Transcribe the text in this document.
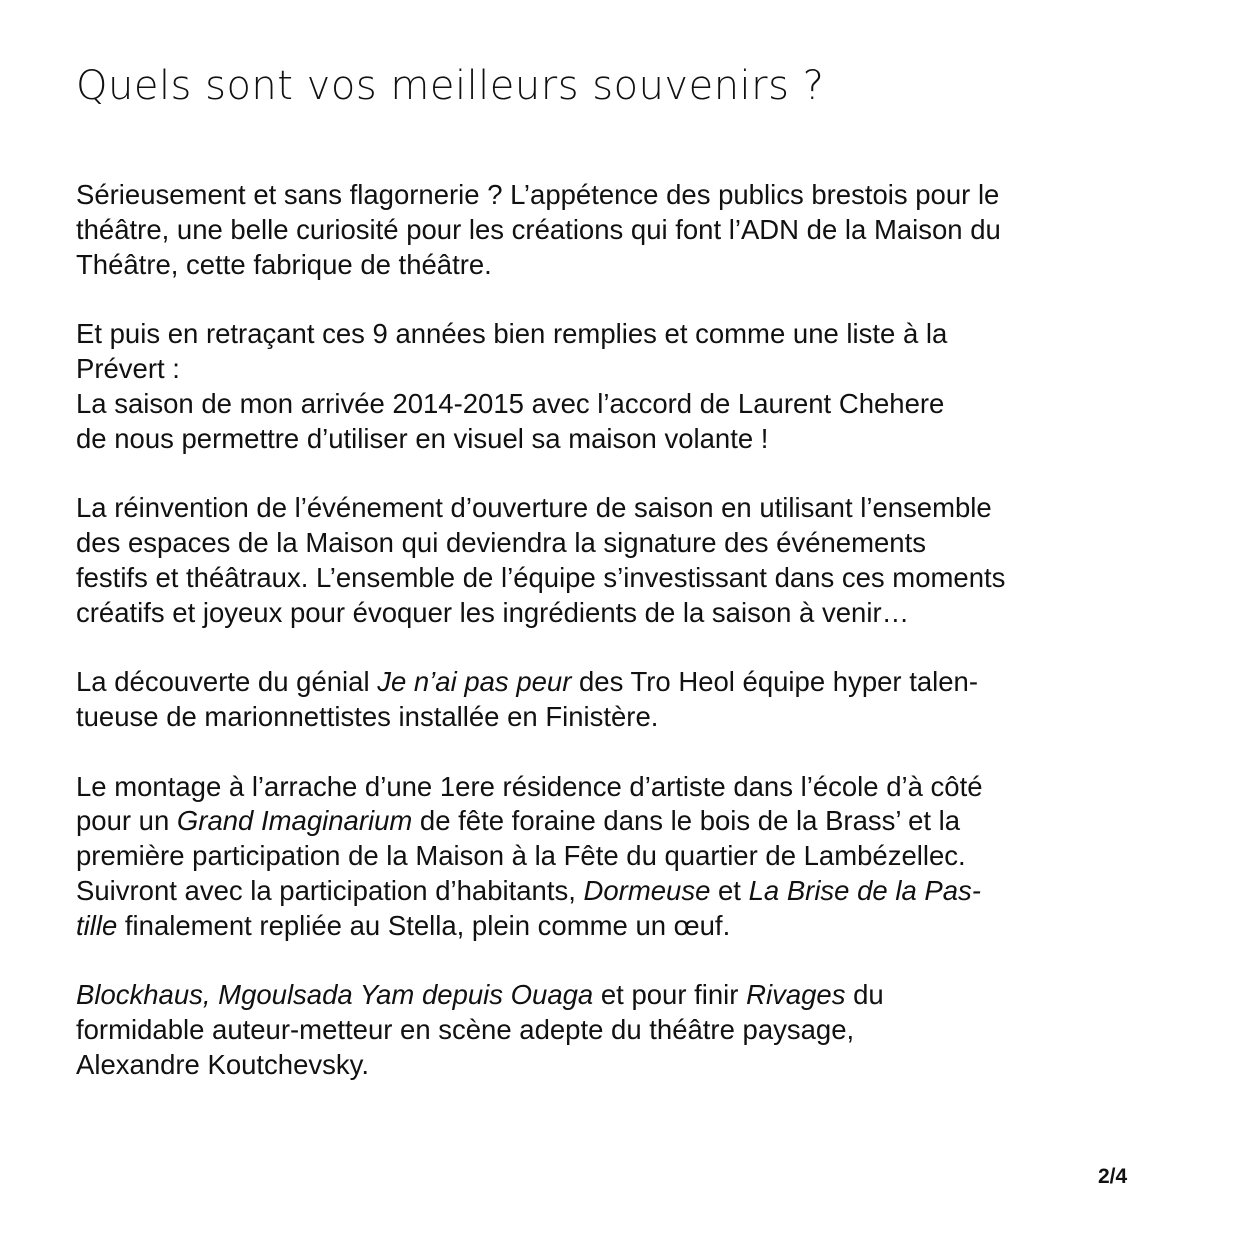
Quels sont vos meilleurs souvenirs ?

Sérieusement et sans flagornerie ? L’appétence des publics brestois pour le
théâtre, une belle curiosité pour les créations qui font l’ADN de la Maison du
Théâtre, cette fabrique de théâtre.

Et puis en retraçant ces 9 années bien remplies et comme une liste à la
Prévert :
La saison de mon arrivée 2014-2015 avec l’accord de Laurent Chehere
de nous permettre d’utiliser en visuel sa maison volante !

La réinvention de l’événement d’ouverture de saison en utilisant l’ensemble
des espaces de la Maison qui deviendra la signature des événements
festifs et théâtraux. L’ensemble de l’équipe s’investissant dans ces moments
créatifs et joyeux pour évoquer les ingrédients de la saison à venir…

La découverte du génial Je n’ai pas peur des Tro Heol équipe hyper talen-
tueuse de marionnettistes installée en Finistère.

Le montage à l’arrache d’une 1ere résidence d’artiste dans l’école d’à côté
pour un Grand Imaginarium de fête foraine dans le bois de la Brass’ et la
première participation de la Maison à la Fête du quartier de Lambézellec.
Suivront avec la participation d’habitants, Dormeuse et La Brise de la Pas-
tille finalement repliée au Stella, plein comme un œuf.

Blockhaus, Mgoulsada Yam depuis Ouaga et pour finir Rivages du
formidable auteur-metteur en scène adepte du théâtre paysage,
Alexandre Koutchevsky.

2/4
